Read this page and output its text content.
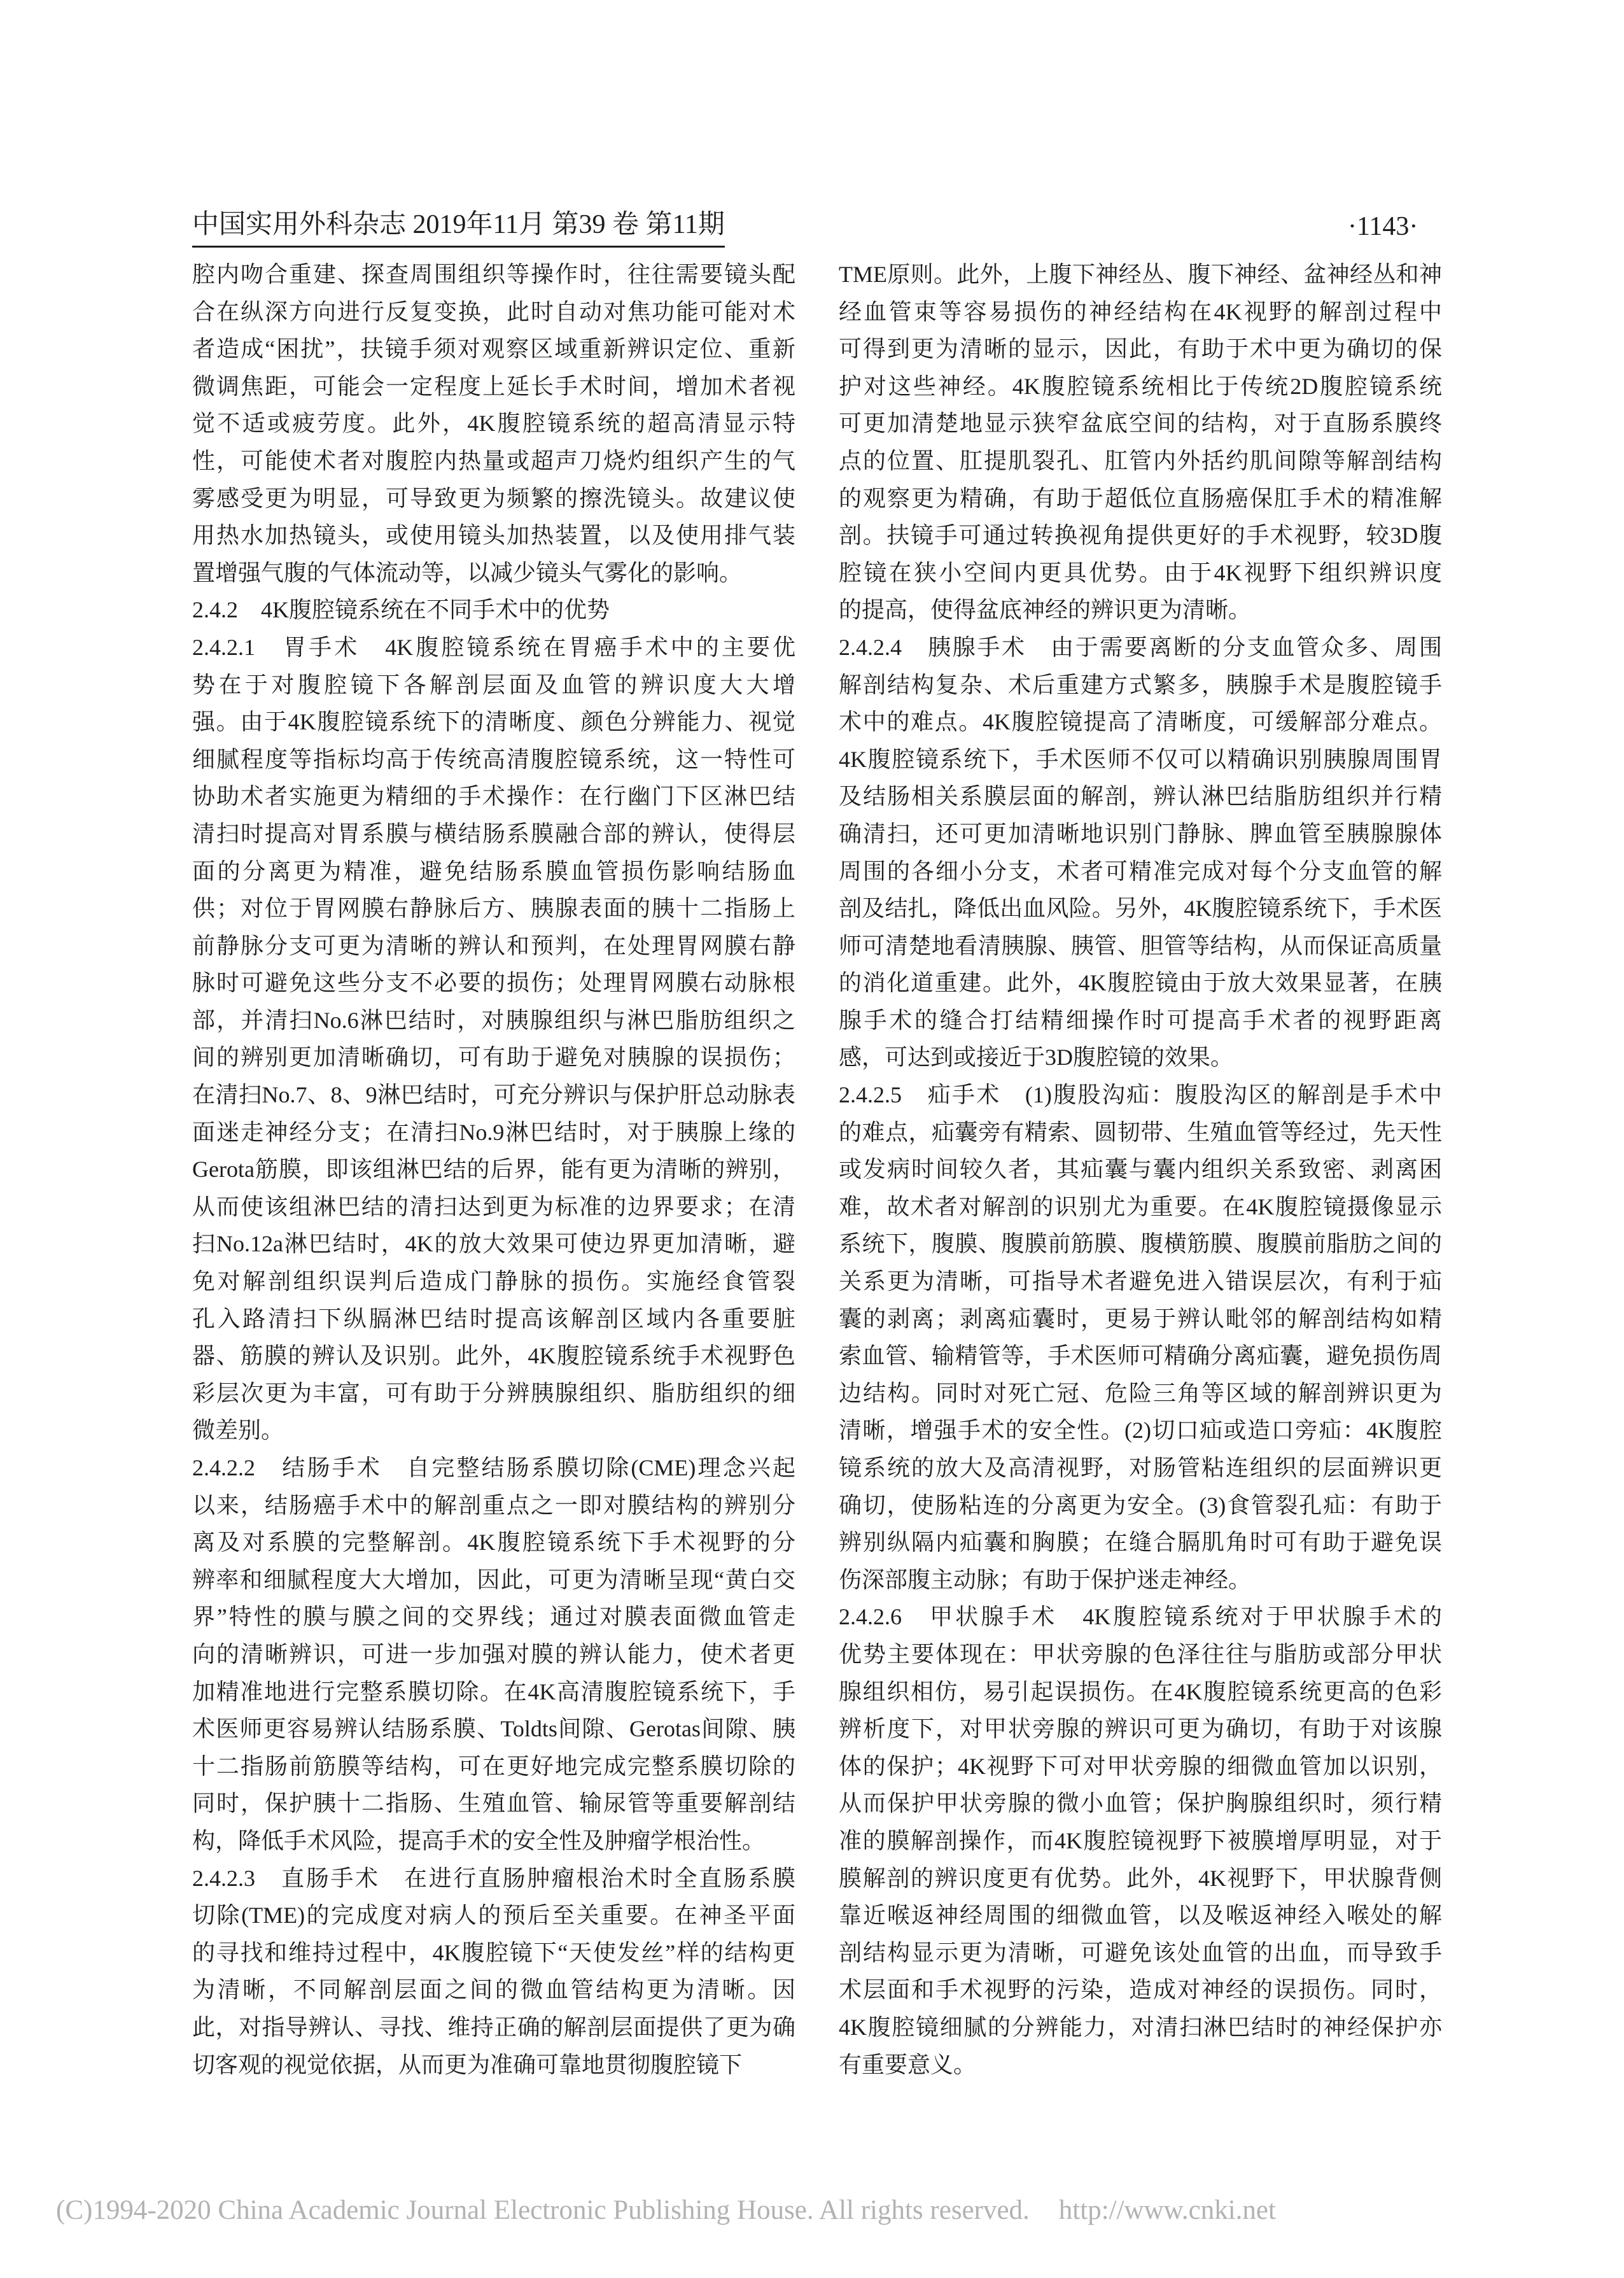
中国实用外科杂志 2019年11月 第39 卷 第11期	·1143·
腔内吻合重建、探查周围组织等操作时，往往需要镜头配
合在纵深方向进行反复变换，此时自动对焦功能可能对术
者造成“困扰”，扶镜手须对观察区域重新辨识定位、重新
微调焦距，可能会一定程度上延长手术时间，增加术者视
觉不适或疲劳度。此外，4K腹腔镜系统的超高清显示特
性，可能使术者对腹腔内热量或超声刀烧灼组织产生的气
雾感受更为明显，可导致更为频繁的擦洗镜头。故建议使
用热水加热镜头，或使用镜头加热装置，以及使用排气装
置增强气腹的气体流动等，以减少镜头气雾化的影响。
2.4.2　4K腹腔镜系统在不同手术中的优势
2.4.2.1　胃手术　4K腹腔镜系统在胃癌手术中的主要优
势在于对腹腔镜下各解剖层面及血管的辨识度大大增
强。由于4K腹腔镜系统下的清晰度、颜色分辨能力、视觉
细腻程度等指标均高于传统高清腹腔镜系统，这一特性可
协助术者实施更为精细的手术操作：在行幽门下区淋巴结
清扫时提高对胃系膜与横结肠系膜融合部的辨认，使得层
面的分离更为精准，避免结肠系膜血管损伤影响结肠血
供；对位于胃网膜右静脉后方、胰腺表面的胰十二指肠上
前静脉分支可更为清晰的辨认和预判，在处理胃网膜右静
脉时可避免这些分支不必要的损伤；处理胃网膜右动脉根
部，并清扫No.6淋巴结时，对胰腺组织与淋巴脂肪组织之
间的辨别更加清晰确切，可有助于避免对胰腺的误损伤；
在清扫No.7、8、9淋巴结时，可充分辨识与保护肝总动脉表
面迷走神经分支；在清扫No.9淋巴结时，对于胰腺上缘的
Gerota筋膜，即该组淋巴结的后界，能有更为清晰的辨别，
从而使该组淋巴结的清扫达到更为标准的边界要求；在清
扫No.12a淋巴结时，4K的放大效果可使边界更加清晰，避
免对解剖组织误判后造成门静脉的损伤。实施经食管裂
孔入路清扫下纵膈淋巴结时提高该解剖区域内各重要脏
器、筋膜的辨认及识别。此外，4K腹腔镜系统手术视野色
彩层次更为丰富，可有助于分辨胰腺组织、脂肪组织的细
微差别。
2.4.2.2　结肠手术　自完整结肠系膜切除(CME)理念兴起
以来，结肠癌手术中的解剖重点之一即对膜结构的辨别分
离及对系膜的完整解剖。4K腹腔镜系统下手术视野的分
辨率和细腻程度大大增加，因此，可更为清晰呈现“黄白交
界”特性的膜与膜之间的交界线；通过对膜表面微血管走
向的清晰辨识，可进一步加强对膜的辨认能力，使术者更
加精准地进行完整系膜切除。在4K高清腹腔镜系统下，手
术医师更容易辨认结肠系膜、Toldts间隙、Gerotas间隙、胰
十二指肠前筋膜等结构，可在更好地完成完整系膜切除的
同时，保护胰十二指肠、生殖血管、输尿管等重要解剖结
构，降低手术风险，提高手术的安全性及肿瘤学根治性。
2.4.2.3　直肠手术　在进行直肠肿瘤根治术时全直肠系膜
切除(TME)的完成度对病人的预后至关重要。在神圣平面
的寻找和维持过程中，4K腹腔镜下“天使发丝”样的结构更
为清晰，不同解剖层面之间的微血管结构更为清晰。因
此，对指导辨认、寻找、维持正确的解剖层面提供了更为确
切客观的视觉依据，从而更为准确可靠地贯彻腹腔镜下
TME原则。此外，上腹下神经丛、腹下神经、盆神经丛和神
经血管束等容易损伤的神经结构在4K视野的解剖过程中
可得到更为清晰的显示，因此，有助于术中更为确切的保
护对这些神经。4K腹腔镜系统相比于传统2D腹腔镜系统
可更加清楚地显示狭窄盆底空间的结构，对于直肠系膜终
点的位置、肛提肌裂孔、肛管内外括约肌间隙等解剖结构
的观察更为精确，有助于超低位直肠癌保肛手术的精准解
剖。扶镜手可通过转换视角提供更好的手术视野，较3D腹
腔镜在狭小空间内更具优势。由于4K视野下组织辨识度
的提高，使得盆底神经的辨识更为清晰。
2.4.2.4　胰腺手术　由于需要离断的分支血管众多、周围
解剖结构复杂、术后重建方式繁多，胰腺手术是腹腔镜手
术中的难点。4K腹腔镜提高了清晰度，可缓解部分难点。
4K腹腔镜系统下，手术医师不仅可以精确识别胰腺周围胃
及结肠相关系膜层面的解剖，辨认淋巴结脂肪组织并行精
确清扫，还可更加清晰地识别门静脉、脾血管至胰腺腺体
周围的各细小分支，术者可精准完成对每个分支血管的解
剖及结扎，降低出血风险。另外，4K腹腔镜系统下，手术医
师可清楚地看清胰腺、胰管、胆管等结构，从而保证高质量
的消化道重建。此外，4K腹腔镜由于放大效果显著，在胰
腺手术的缝合打结精细操作时可提高手术者的视野距离
感，可达到或接近于3D腹腔镜的效果。
2.4.2.5　疝手术　(1)腹股沟疝：腹股沟区的解剖是手术中
的难点，疝囊旁有精索、圆韧带、生殖血管等经过，先天性
或发病时间较久者，其疝囊与囊内组织关系致密、剥离困
难，故术者对解剖的识别尤为重要。在4K腹腔镜摄像显示
系统下，腹膜、腹膜前筋膜、腹横筋膜、腹膜前脂肪之间的
关系更为清晰，可指导术者避免进入错误层次，有利于疝
囊的剥离；剥离疝囊时，更易于辨认毗邻的解剖结构如精
索血管、输精管等，手术医师可精确分离疝囊，避免损伤周
边结构。同时对死亡冠、危险三角等区域的解剖辨识更为
清晰，增强手术的安全性。(2)切口疝或造口旁疝：4K腹腔
镜系统的放大及高清视野，对肠管粘连组织的层面辨识更
确切，使肠粘连的分离更为安全。(3)食管裂孔疝：有助于
辨别纵隔内疝囊和胸膜；在缝合膈肌角时可有助于避免误
伤深部腹主动脉；有助于保护迷走神经。
2.4.2.6　甲状腺手术　4K腹腔镜系统对于甲状腺手术的
优势主要体现在：甲状旁腺的色泽往往与脂肪或部分甲状
腺组织相仿，易引起误损伤。在4K腹腔镜系统更高的色彩
辨析度下，对甲状旁腺的辨识可更为确切，有助于对该腺
体的保护；4K视野下可对甲状旁腺的细微血管加以识别，
从而保护甲状旁腺的微小血管；保护胸腺组织时，须行精
准的膜解剖操作，而4K腹腔镜视野下被膜增厚明显，对于
膜解剖的辨识度更有优势。此外，4K视野下，甲状腺背侧
靠近喉返神经周围的细微血管，以及喉返神经入喉处的解
剖结构显示更为清晰，可避免该处血管的出血，而导致手
术层面和手术视野的污染，造成对神经的误损伤。同时，
4K腹腔镜细腻的分辨能力，对清扫淋巴结时的神经保护亦
有重要意义。
(C)1994-2020 China Academic Journal Electronic Publishing House. All rights reserved. http://www.cnki.net
